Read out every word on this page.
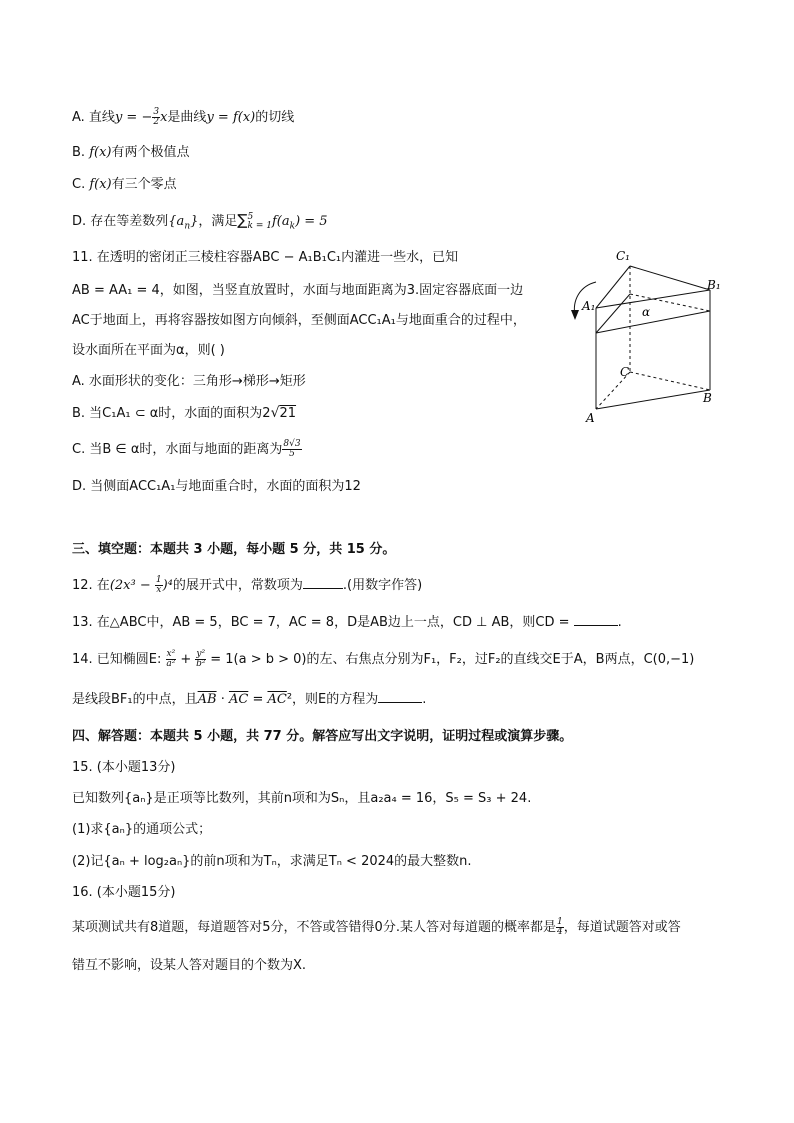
A. 直线y = − $\frac{3}{2}$ x是曲线y = f(x)的切线
B. f(x)有两个极值点
C. f(x)有三个零点
D. 存在等差数列$\{a_n\}$，满足∑ 5
k = 1 $f(a_k) = 5$
11. 在透明的密闭正三棱柱容器ABC − A₁B₁C₁内灌进一些水，已知
AB = AA₁ = 4，如图，当竖直放置时，水面与地面距离为3.固定容器底面一边
AC于地面上，再将容器按如图方向倾斜，至侧面ACC₁A₁与地面重合的过程中，
设水面所在平面为α，则( )
A. 水面形状的变化：三角形→梯形→矩形
B. 当C₁A₁ ⊂ α时，水面的面积为2√21
C. 当B ∈ α时，水面与地面的距离为 $\frac{8√3}{5}$
D. 当侧面ACC₁A₁与地面重合时，水面的面积为12
C₁
B₁
A₁	α
C
B
A
三、填空题：本题共 3 小题，每小题 5 分，共 15 分。
12. 在$(2x^3 - \frac{1}{x} )^4$的展开式中，常数项为	.(用数字作答)
13. 在△ABC中，AB = 5，BC = 7，AC = 8，D是AB边上一点，CD ⊥ AB，则CD =	.
14. 已知椭圆E: $\frac{\text{x²}}{\text{a²}} + \frac{\text{y²}}{\text{b²}} = 1(a > b > 0)$的左、右焦点分别为F₁，F₂，过F₂的直线交E于A，B两点，C(0,−1)
是线段BF₁的中点，且$\overline{AB} \cdot \overline{AC} = \overline{AC}^2$，则E的方程为	.
四、解答题：本题共 5 小题，共 77 分。解答应写出文字说明，证明过程或演算步骤。
15. (本小题13分)
已知数列{aₙ}是正项等比数列，其前n项和为Sₙ，且a₂a₄ = 16，S₅ = S₃ + 24.
(1)求{aₙ}的通项公式；
(2)记{aₙ + log₂aₙ}的前n项和为Tₙ，求满足Tₙ < 2024的最大整数n.
16. (本小题15分)
某项测试共有8道题，每道题答对5分，不答或答错得0分.某人答对每道题的概率都是 $\frac{1}{4}$ ，每道试题答对或答
错互不影响，设某人答对题目的个数为X.
